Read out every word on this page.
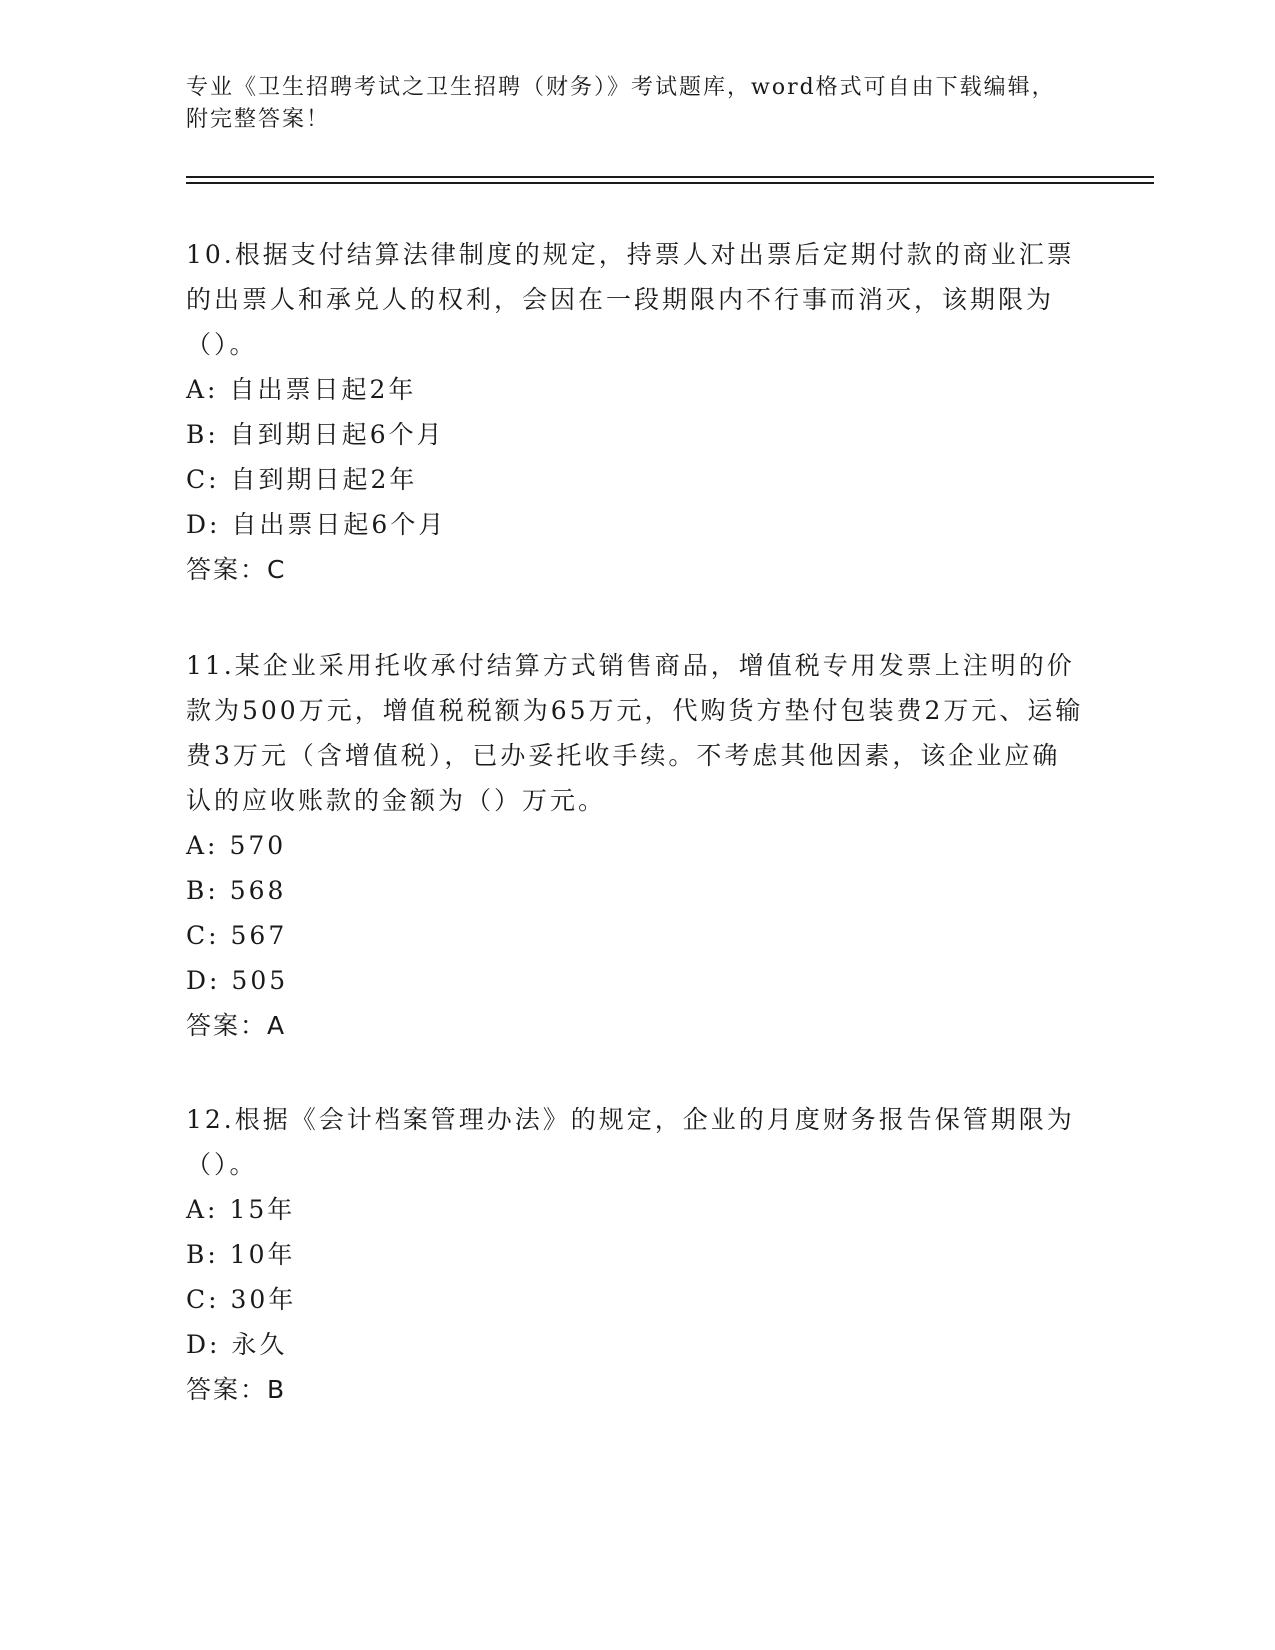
专业《卫生招聘考试之卫生招聘（财务）》考试题库，word格式可自由下载编辑，附完整答案！

10.根据支付结算法律制度的规定，持票人对出票后定期付款的商业汇票的出票人和承兑人的权利，会因在一段期限内不行事而消灭，该期限为（）。

A: 自出票日起2年

B: 自到期日起6个月

C: 自到期日起2年

D: 自出票日起6个月

答案：C

11.某企业采用托收承付结算方式销售商品，增值税专用发票上注明的价款为500万元，增值税税额为65万元，代购货方垫付包装费2万元、运输费3万元（含增值税），已办妥托收手续。不考虑其他因素，该企业应确认的应收账款的金额为（）万元。

A: 570

B: 568

C: 567

D: 505

答案：A

12.根据《会计档案管理办法》的规定，企业的月度财务报告保管期限为（）。

A: 15年

B: 10年

C: 30年

D: 永久

答案：B
